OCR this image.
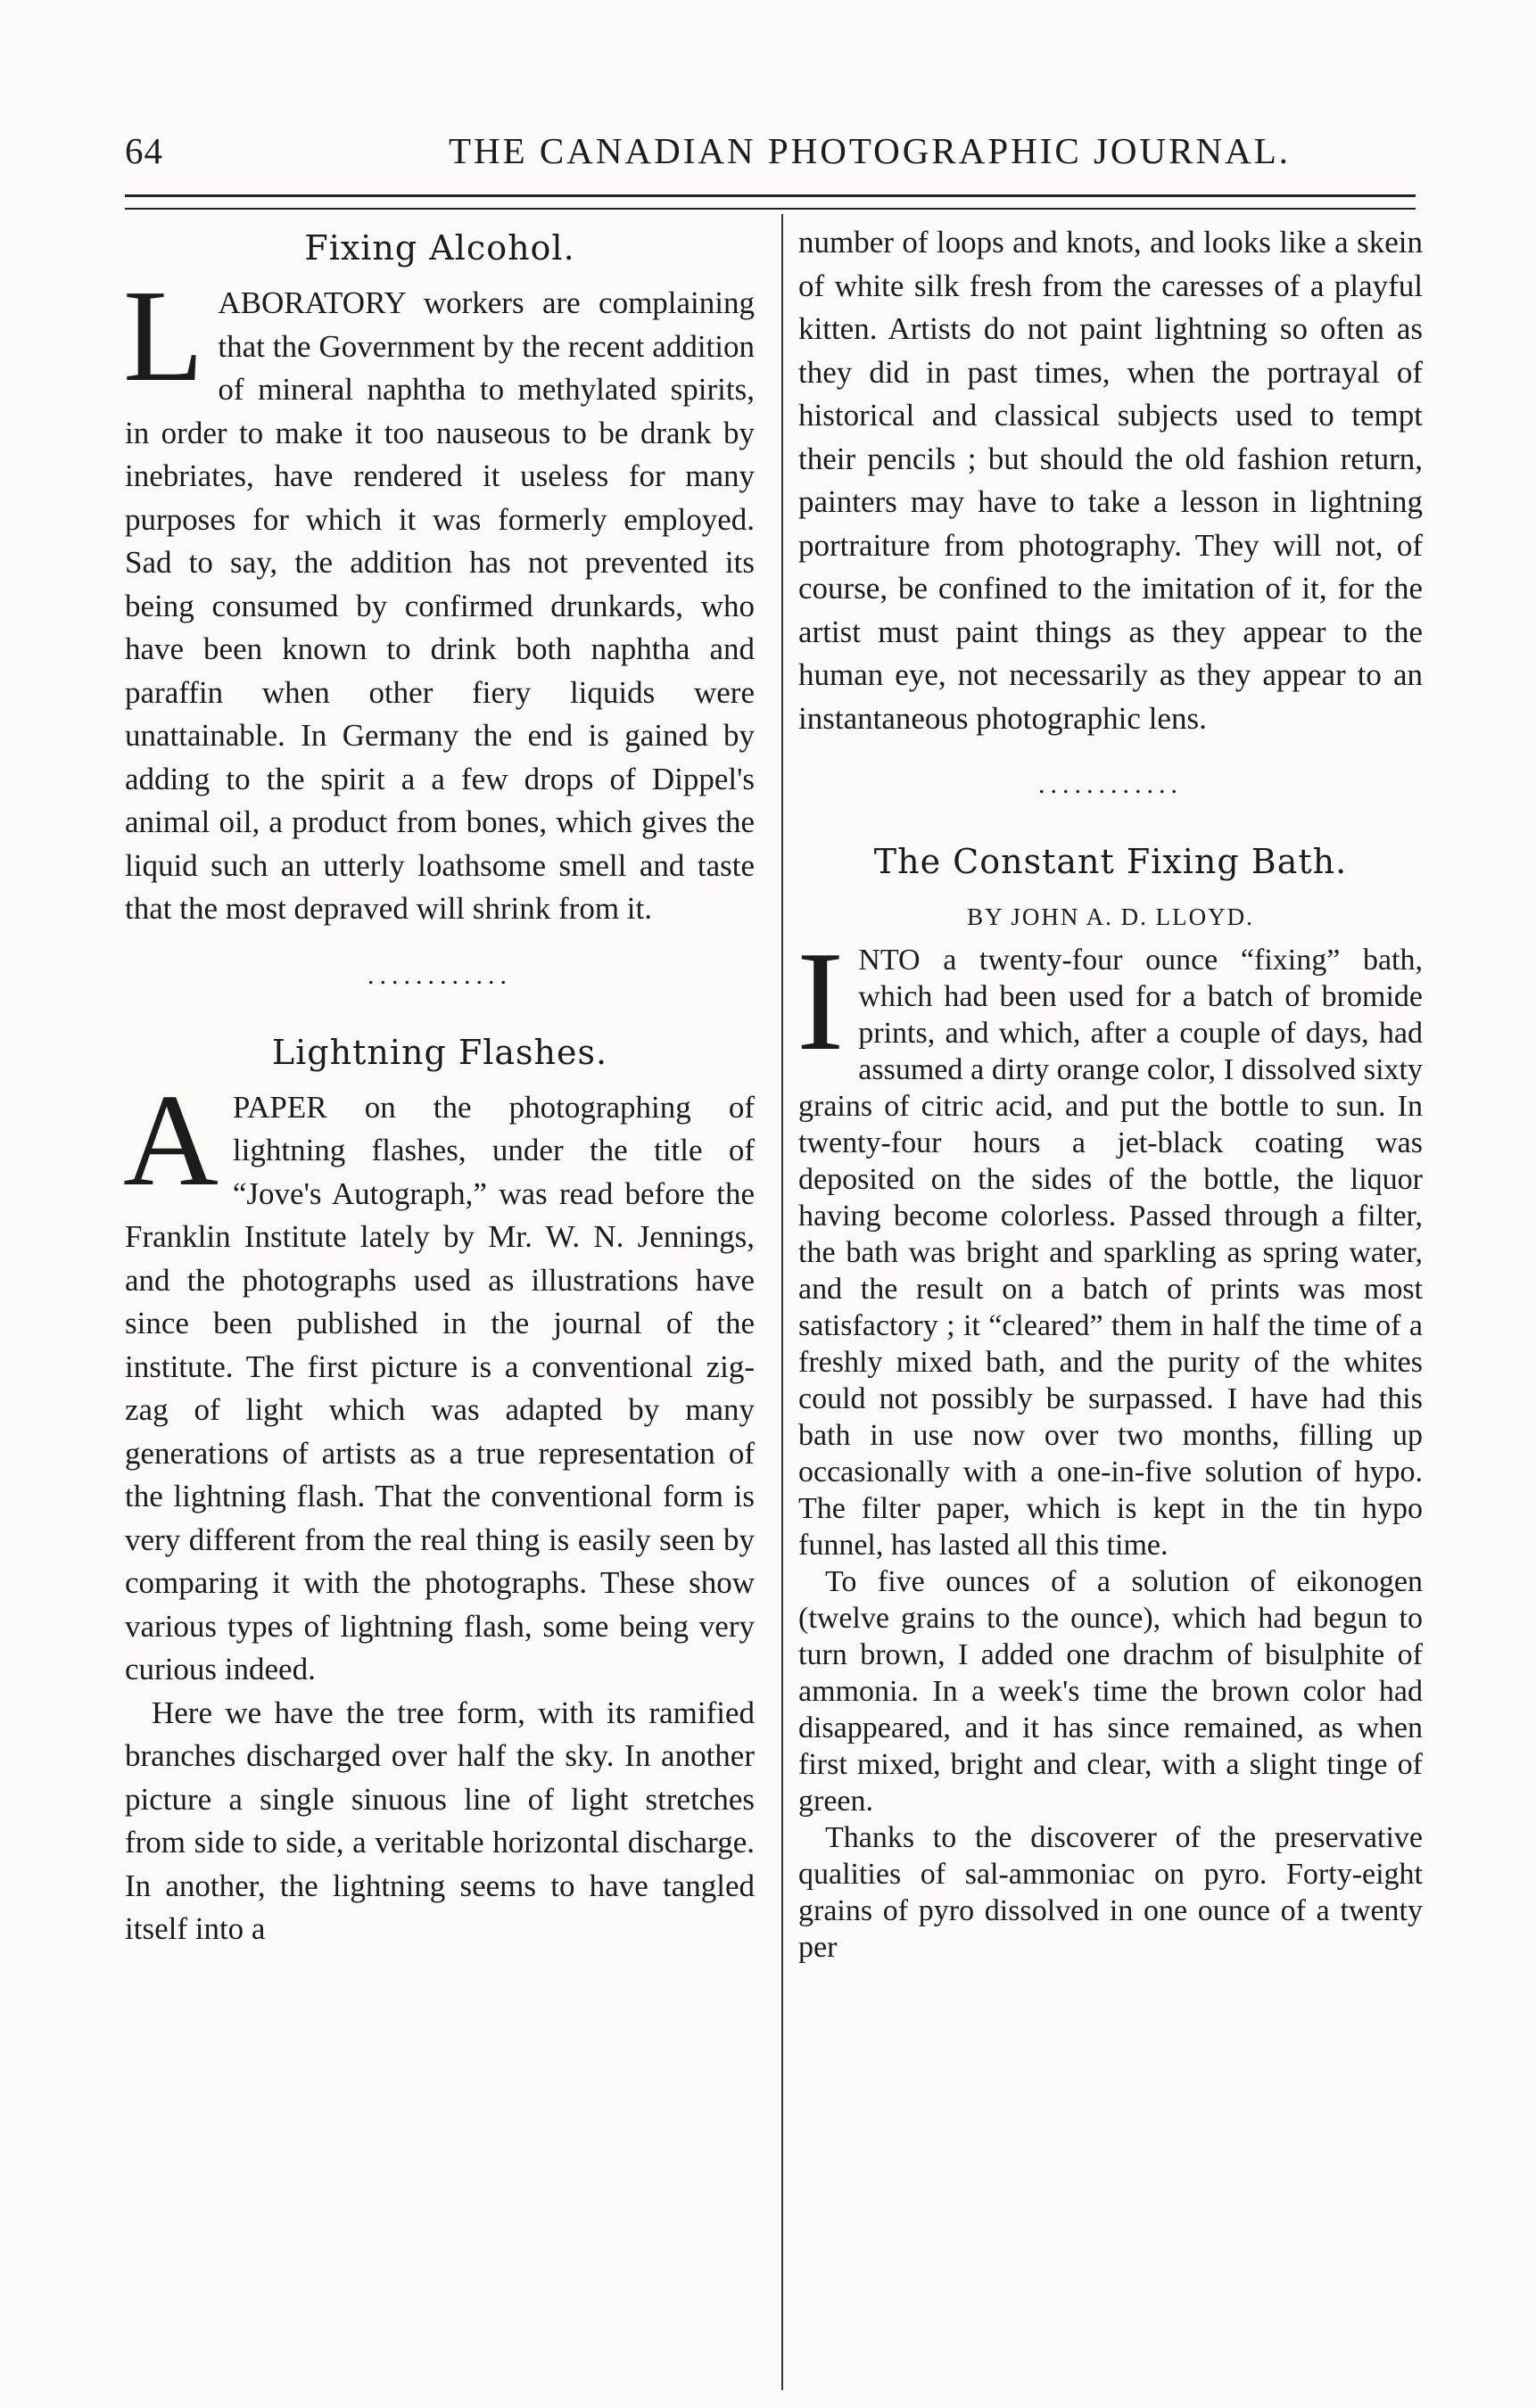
64	THE CANADIAN PHOTOGRAPHIC JOURNAL.
Fixing Alcohol.

LABORATORY workers are complaining that the Government by the recent addition of mineral naphtha to methylated spirits, in order to make it too nauseous to be drank by inebriates, have rendered it useless for many purposes for which it was formerly employed. Sad to say, the addition has not prevented its being consumed by confirmed drunkards, who have been known to drink both naphtha and paraffin when other fiery liquids were unattainable. In Germany the end is gained by adding to the spirit a a few drops of Dippel's animal oil, a product from bones, which gives the liquid such an utterly loathsome smell and taste that the most depraved will shrink from it.

............
Lightning Flashes.

APAPER on the photographing of lightning flashes, under the title of “Jove's Autograph,” was read before the Franklin Institute lately by Mr. W. N. Jennings, and the photographs used as illustrations have since been published in the journal of the institute. The first picture is a conventional zig-zag of light which was adapted by many generations of artists as a true representation of the lightning flash. That the conventional form is very different from the real thing is easily seen by comparing it with the photographs. These show various types of lightning flash, some being very curious indeed.

Here we have the tree form, with its ramified branches discharged over half the sky. In another picture a single sinuous line of light stretches from side to side, a veritable horizontal discharge. In another, the lightning seems to have tangled itself into a

number of loops and knots, and looks like a skein of white silk fresh from the caresses of a playful kitten. Artists do not paint lightning so often as they did in past times, when the portrayal of historical and classical subjects used to tempt their pencils ; but should the old fashion return, painters may have to take a lesson in lightning portraiture from photography. They will not, of course, be confined to the imitation of it, for the artist must paint things as they appear to the human eye, not necessarily as they appear to an instantaneous photographic lens.

............
The Constant Fixing Bath.
BY JOHN A. D. LLOYD.

INTO a twenty-four ounce “fixing” bath, which had been used for a batch of bromide prints, and which, after a couple of days, had assumed a dirty orange color, I dissolved sixty grains of citric acid, and put the bottle to sun. In twenty-four hours a jet-black coating was deposited on the sides of the bottle, the liquor having become colorless. Passed through a filter, the bath was bright and sparkling as spring water, and the result on a batch of prints was most satisfactory ; it “cleared” them in half the time of a freshly mixed bath, and the purity of the whites could not possibly be surpassed. I have had this bath in use now over two months, filling up occasionally with a one-in-five solution of hypo. The filter paper, which is kept in the tin hypo funnel, has lasted all this time.

To five ounces of a solution of eikonogen (twelve grains to the ounce), which had begun to turn brown, I added one drachm of bisulphite of ammonia. In a week's time the brown color had disappeared, and it has since remained, as when first mixed, bright and clear, with a slight tinge of green.

Thanks to the discoverer of the preservative qualities of sal-ammoniac on pyro. Forty-eight grains of pyro dissolved in one ounce of a twenty per
